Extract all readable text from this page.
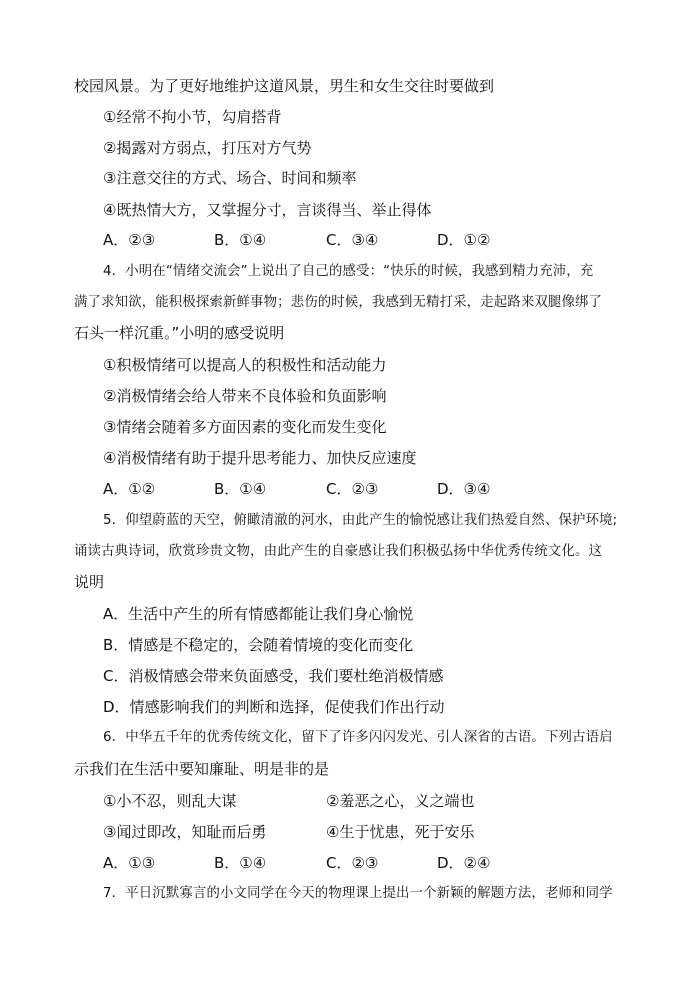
校园风景。为了更好地维护这道风景，男生和女生交往时要做到
①经常不拘小节，勾肩搭背
②揭露对方弱点，打压对方气势
③注意交往的方式、场合、时间和频率
④既热情大方，又掌握分寸，言谈得当、举止得体
A．②③	B．①④	C．③④	D．①②
4．小明在“情绪交流会”上说出了自己的感受：“快乐的时候，我感到精力充沛，充
满了求知欲，能积极探索新鲜事物；悲伤的时候，我感到无精打采，走起路来双腿像绑了
石头一样沉重。”小明的感受说明
①积极情绪可以提高人的积极性和活动能力
②消极情绪会给人带来不良体验和负面影响
③情绪会随着多方面因素的变化而发生变化
④消极情绪有助于提升思考能力、加快反应速度
A．①②	B．①④	C．②③	D．③④
5．仰望蔚蓝的天空，俯瞰清澈的河水，由此产生的愉悦感让我们热爱自然、保护环境;
诵读古典诗词，欣赏珍贵文物，由此产生的自豪感让我们积极弘扬中华优秀传统文化。这
说明
A．生活中产生的所有情感都能让我们身心愉悦
B．情感是不稳定的，会随着情境的变化而变化
C．消极情感会带来负面感受，我们要杜绝消极情感
D．情感影响我们的判断和选择，促使我们作出行动
6．中华五千年的优秀传统文化，留下了许多闪闪发光、引人深省的古语。下列古语启
示我们在生活中要知廉耻、明是非的是
①小不忍，则乱大谋	②羞恶之心，义之端也
③闻过即改，知耻而后勇	④生于忧患，死于安乐
A．①③	B．①④	C．②③	D．②④
7．平日沉默寡言的小文同学在今天的物理课上提出一个新颖的解题方法，老师和同学
